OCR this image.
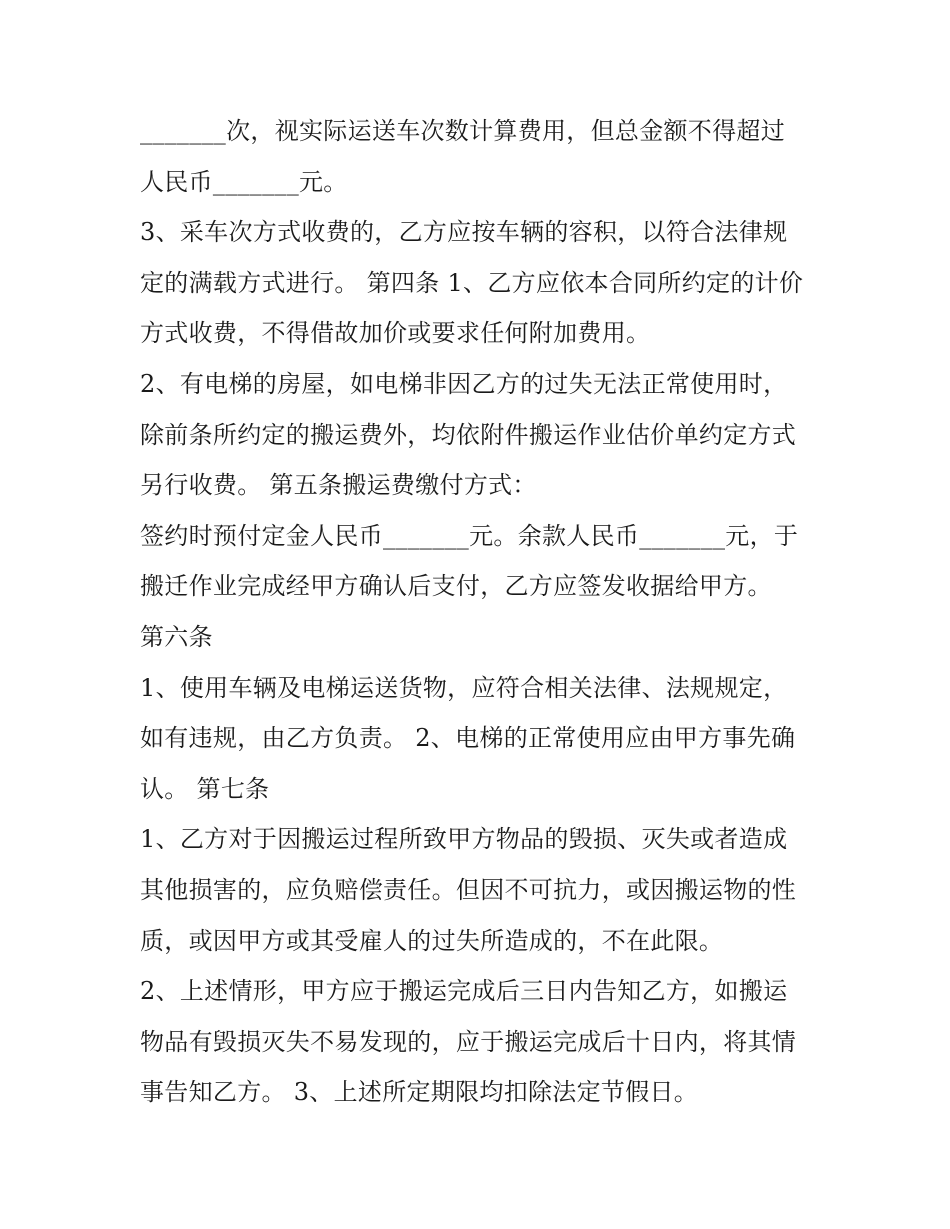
_______次，视实际运送车次数计算费用，但总金额不得超过
人民币_______元。
3、采车次方式收费的，乙方应按车辆的容积，以符合法律规
定的满载方式进行。 第四条 1、乙方应依本合同所约定的计价
方式收费，不得借故加价或要求任何附加费用。
2、有电梯的房屋，如电梯非因乙方的过失无法正常使用时，
除前条所约定的搬运费外，均依附件搬运作业估价单约定方式
另行收费。 第五条搬运费缴付方式：
签约时预付定金人民币_______元。余款人民币_______元，于
搬迁作业完成经甲方确认后支付，乙方应签发收据给甲方。
第六条
1、使用车辆及电梯运送货物，应符合相关法律、法规规定，
如有违规，由乙方负责。 2、电梯的正常使用应由甲方事先确
认。 第七条
1、乙方对于因搬运过程所致甲方物品的毁损、灭失或者造成
其他损害的，应负赔偿责任。但因不可抗力，或因搬运物的性
质，或因甲方或其受雇人的过失所造成的，不在此限。
2、上述情形，甲方应于搬运完成后三日内告知乙方，如搬运
物品有毁损灭失不易发现的，应于搬运完成后十日内，将其情
事告知乙方。 3、上述所定期限均扣除法定节假日。
